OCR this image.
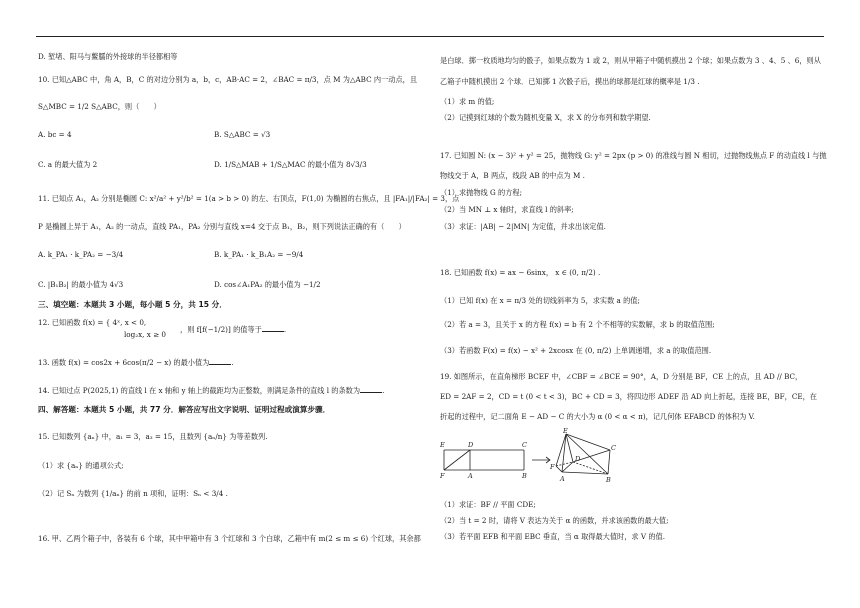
D. 堑堵、阳马与鳖臑的外接球的半径都相等
10. 已知△ABC 中，角 A，B，C 的对边分别为 a，b，c，AB·AC = 2，∠BAC = π/3，点 M 为△ABC 内一动点，且
S△MBC = 1/2 S△ABC，则（　　）
A. bc = 4	B. S△ABC = √3
C. a 的最大值为 2	D. 1/S△MAB + 1/S△MAC 的最小值为 8√3/3
11. 已知点 A₁，A₂ 分别是椭圆 C: x²/a² + y²/b² = 1(a > b > 0) 的左、右顶点，F(1,0) 为椭圆的右焦点，且 |FA₁|/|FA₂| = 3，点
P 是椭圆上异于 A₁，A₂ 的一动点，直线 PA₁，PA₂ 分别与直线 x=4 交于点 B₁，B₂，则下列说法正确的有（　　）
A. k_PA₁ · k_PA₂ = −3/4	B. k_PA₁ · k_B₁A₂ = −9/4
C. |B₁B₂| 的最小值为 4√3	D. cos∠A₁PA₂ 的最小值为 −1/2
三、填空题：本题共 3 小题，每小题 5 分，共 15 分．
12. 已知函数 f(x) = { 4ˣ, x < 0,
log₂x, x ≥ 0
，则 f[f(−1/2)] 的值等于	.
13. 函数 f(x) = cos2x + 6cos(π/2 − x) 的最小值为	.
14. 已知过点 P(2025,1) 的直线 l 在 x 轴和 y 轴上的截距均为正整数，则满足条件的直线 l 的条数为	.
四、解答题：本题共 5 小题，共 77 分．解答应写出文字说明、证明过程或演算步骤．
15. 已知数列 {aₙ} 中，a₁ = 3，a₃ = 15，且数列 {aₙ/n} 为等差数列.
（1）求 {aₙ} 的通项公式;
（2）记 Sₙ 为数列 {1/aₙ} 的前 n 项和，证明：Sₙ < 3/4 .
16. 甲、乙两个箱子中，各装有 6 个球，其中甲箱中有 3 个红球和 3 个白球，乙箱中有 m(2 ≤ m ≤ 6) 个红球，其余都
是白球．掷一枚质地均匀的骰子，如果点数为 1 或 2，则从甲箱子中随机摸出 2 个球；如果点数为 3 、4、5 、6，则从
乙箱子中随机摸出 2 个球．已知掷 1 次骰子后，摸出的球都是红球的概率是 1/3 .
（1）求 m 的值;
（2）记摸到红球的个数为随机变量 X，求 X 的分布列和数学期望.
17. 已知圆 N: (x − 3)² + y² = 25，抛物线 G: y² = 2px (p > 0) 的准线与圆 N 相切，过抛物线焦点 F 的动直线 l 与抛
物线交于 A，B 两点，线段 AB 的中点为 M .
（1）求抛物线 G 的方程;
（2）当 MN ⊥ x 轴时，求直线 l 的斜率;
（3）求证：|AB| − 2|MN| 为定值，并求出该定值.
18. 已知函数 f(x) = ax − 6sinx， x ∈ (0, π/2) .
（1）已知 f(x) 在 x = π/3 处的切线斜率为 5，求实数 a 的值;
（2）若 a = 3，且关于 x 的方程 f(x) = b 有 2 个不相等的实数解，求 b 的取值范围;
（3）若函数 F(x) = f(x) − x² + 2xcosx 在 (0, π/2) 上单调递增，求 a 的取值范围.
19. 如图所示，在直角梯形 BCEF 中，∠CBF = ∠BCE = 90°，A，D 分别是 BF，CE 上的点，且 AD // BC，
ED = 2AF = 2，CD = t (0 < t < 3)，BC + CD = 3，将四边形 ADEF 沿 AD 向上折起，连接 BE，BF，CE，在
折起的过程中，记二面角 E − AD − C 的大小为 α (0 < α < π)，记几何体 EFABCD 的体积为 V.
E
F	A	B
C
D
E
F
A	B
C
D
（1）求证：BF // 平面 CDE;
（2）当 t = 2 时，请将 V 表达为关于 α 的函数，并求该函数的最大值;
（3）若平面 EFB 和平面 EBC 垂直，当 α 取得最大值时，求 V 的值.
